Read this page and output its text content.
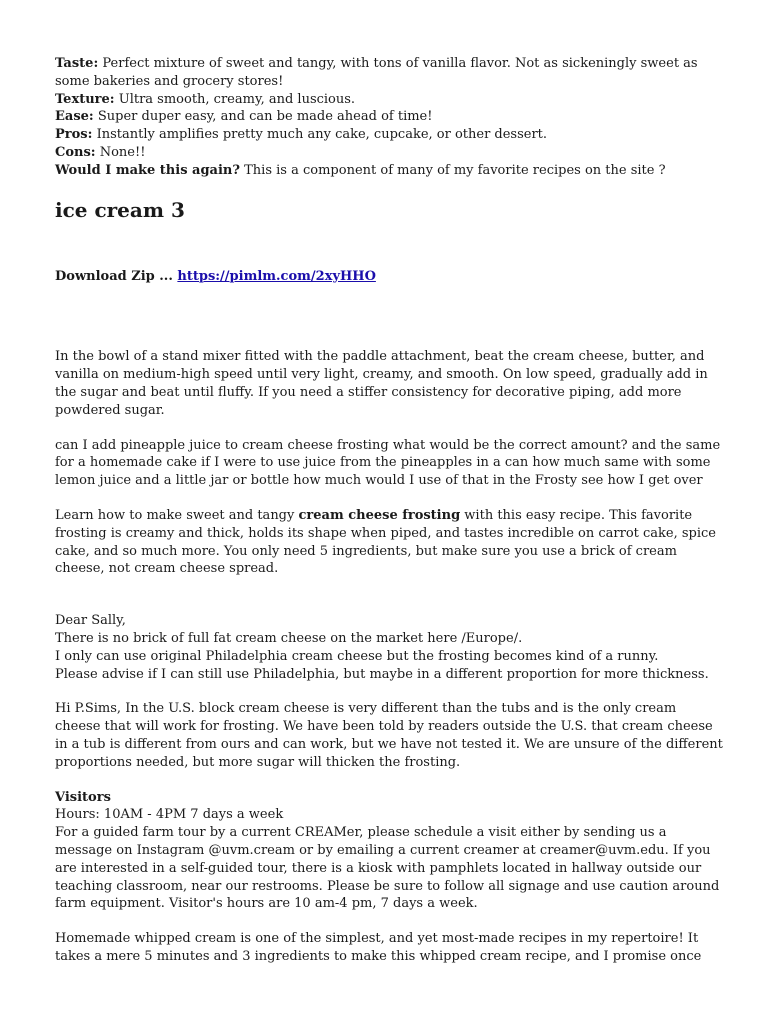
Taste: Perfect mixture of sweet and tangy, with tons of vanilla flavor. Not as sickeningly sweet as some bakeries and grocery stores!

Texture: Ultra smooth, creamy, and luscious.

Ease: Super duper easy, and can be made ahead of time!

Pros: Instantly amplifies pretty much any cake, cupcake, or other dessert.

Cons: None!!

Would I make this again? This is a component of many of my favorite recipes on the site ?

ice cream 3

Download Zip ... https://pimlm.com/2xyHHO

In the bowl of a stand mixer fitted with the paddle attachment, beat the cream cheese, butter, and vanilla on medium-high speed until very light, creamy, and smooth. On low speed, gradually add in the sugar and beat until fluffy. If you need a stiffer consistency for decorative piping, add more powdered sugar.

can I add pineapple juice to cream cheese frosting what would be the correct amount? and the same for a homemade cake if I were to use juice from the pineapples in a can how much same with some lemon juice and a little jar or bottle how much would I use of that in the Frosty see how I get over

Learn how to make sweet and tangy cream cheese frosting with this easy recipe. This favorite frosting is creamy and thick, holds its shape when piped, and tastes incredible on carrot cake, spice cake, and so much more. You only need 5 ingredients, but make sure you use a brick of cream cheese, not cream cheese spread.

Dear Sally,

There is no brick of full fat cream cheese on the market here /Europe/.

I only can use original Philadelphia cream cheese but the frosting becomes kind of a runny.

Please advise if I can still use Philadelphia, but maybe in a different proportion for more thickness.

Hi P.Sims, In the U.S. block cream cheese is very different than the tubs and is the only cream cheese that will work for frosting. We have been told by readers outside the U.S. that cream cheese in a tub is different from ours and can work, but we have not tested it. We are unsure of the different proportions needed, but more sugar will thicken the frosting.

Visitors

Hours: 10AM - 4PM 7 days a week

For a guided farm tour by a current CREAMer, please schedule a visit either by sending us a message on Instagram @uvm.cream or by emailing a current creamer at creamer@uvm.edu. If you are interested in a self-guided tour, there is a kiosk with pamphlets located in hallway outside our teaching classroom, near our restrooms. Please be sure to follow all signage and use caution around farm equipment. Visitor's hours are 10 am-4 pm, 7 days a week.

Homemade whipped cream is one of the simplest, and yet most-made recipes in my repertoire! It takes a mere 5 minutes and 3 ingredients to make this whipped cream recipe, and I promise once
